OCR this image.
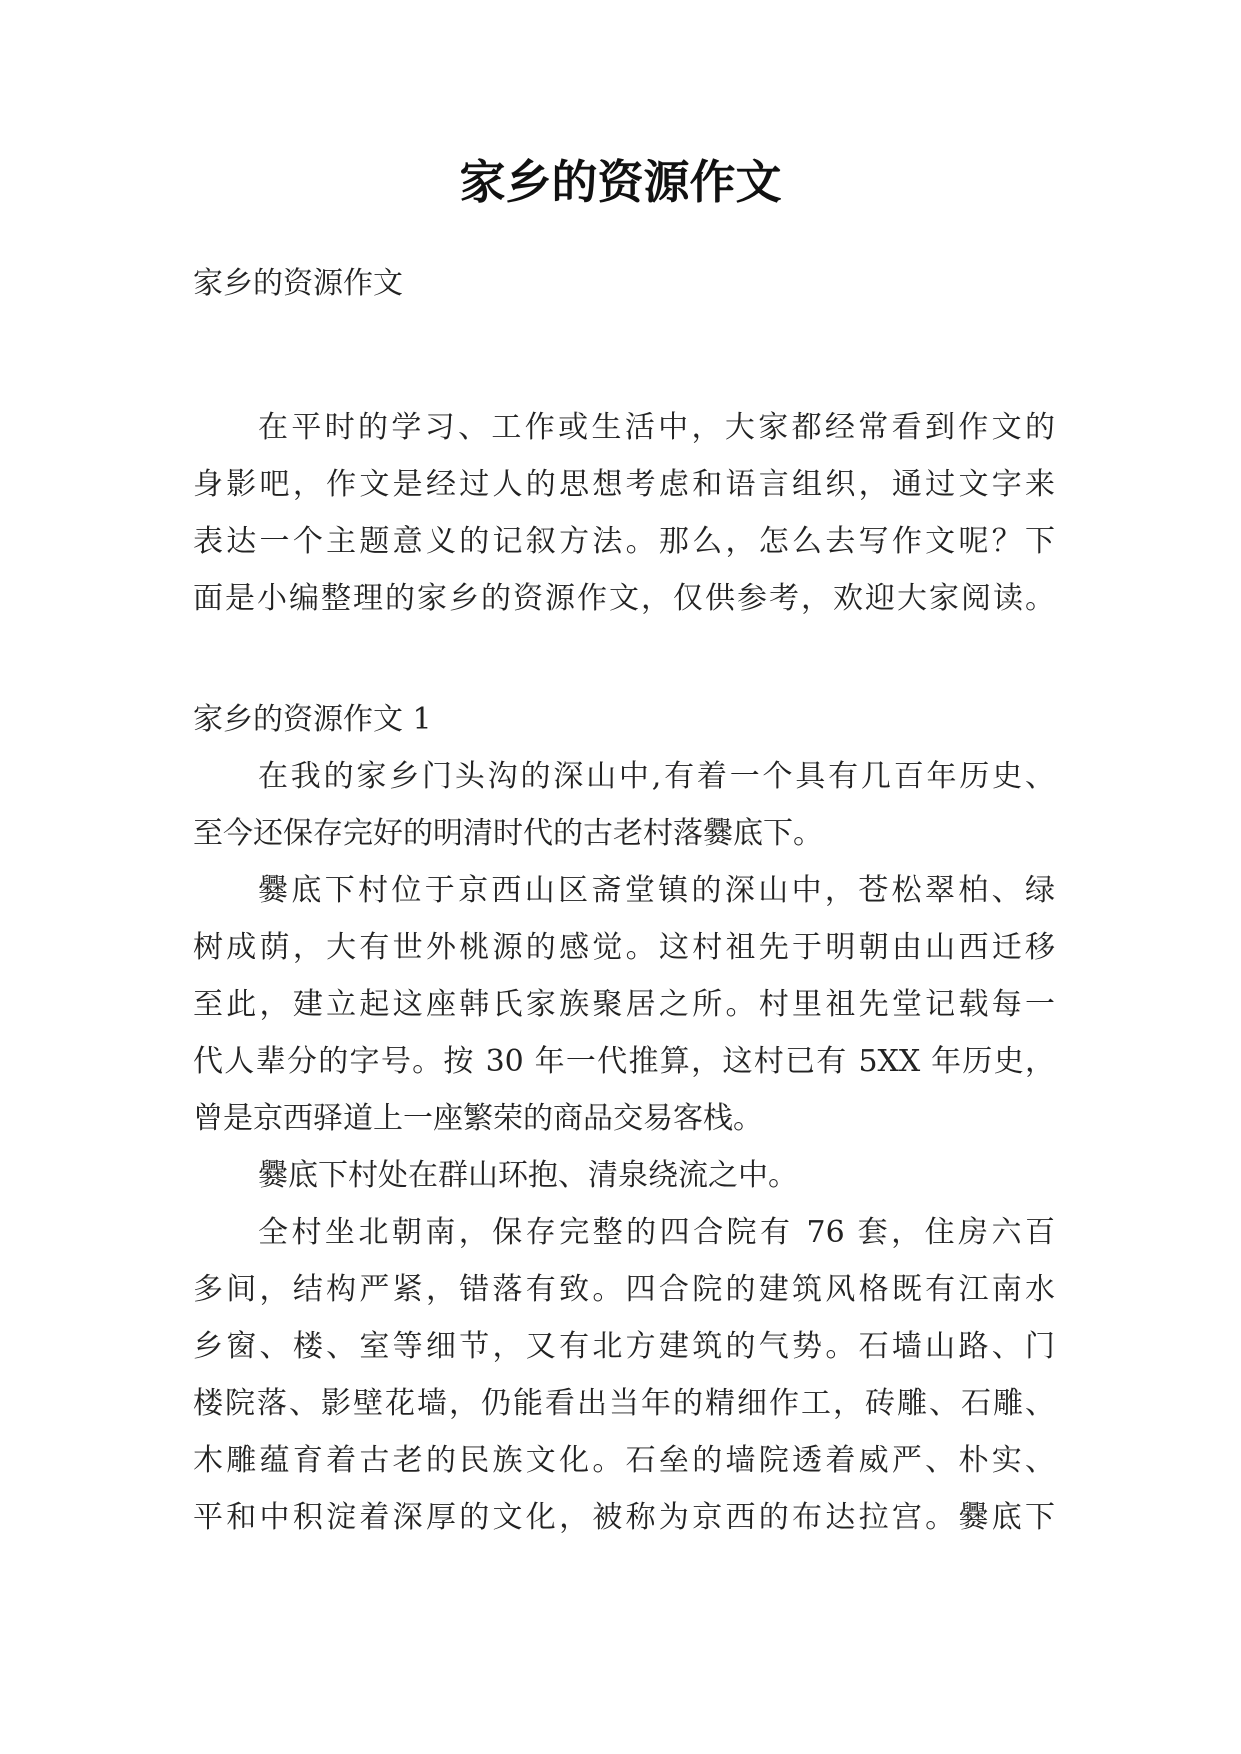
家乡的资源作文

家乡的资源作文

在平时的学习、工作或生活中，大家都经常看到作文的

身影吧，作文是经过人的思想考虑和语言组织，通过文字来

表达一个主题意义的记叙方法。那么，怎么去写作文呢？下

面是小编整理的家乡的资源作文，仅供参考，欢迎大家阅读。

家乡的资源作文 1

在我的家乡门头沟的深山中,有着一个具有几百年历史、

至今还保存完好的明清时代的古老村落爨底下。

爨底下村位于京西山区斋堂镇的深山中，苍松翠柏、绿

树成荫，大有世外桃源的感觉。这村祖先于明朝由山西迁移

至此，建立起这座韩氏家族聚居之所。村里祖先堂记载每一

代人辈分的字号。按 30 年一代推算，这村已有 5XX 年历史，

曾是京西驿道上一座繁荣的商品交易客栈。

爨底下村处在群山环抱、清泉绕流之中。

全村坐北朝南，保存完整的四合院有 76 套，住房六百

多间，结构严紧，错落有致。四合院的建筑风格既有江南水

乡窗、楼、室等细节，又有北方建筑的气势。石墙山路、门

楼院落、影壁花墙，仍能看出当年的精细作工，砖雕、石雕、

木雕蕴育着古老的民族文化。石垒的墙院透着威严、朴实、

平和中积淀着深厚的文化，被称为京西的布达拉宫。爨底下
